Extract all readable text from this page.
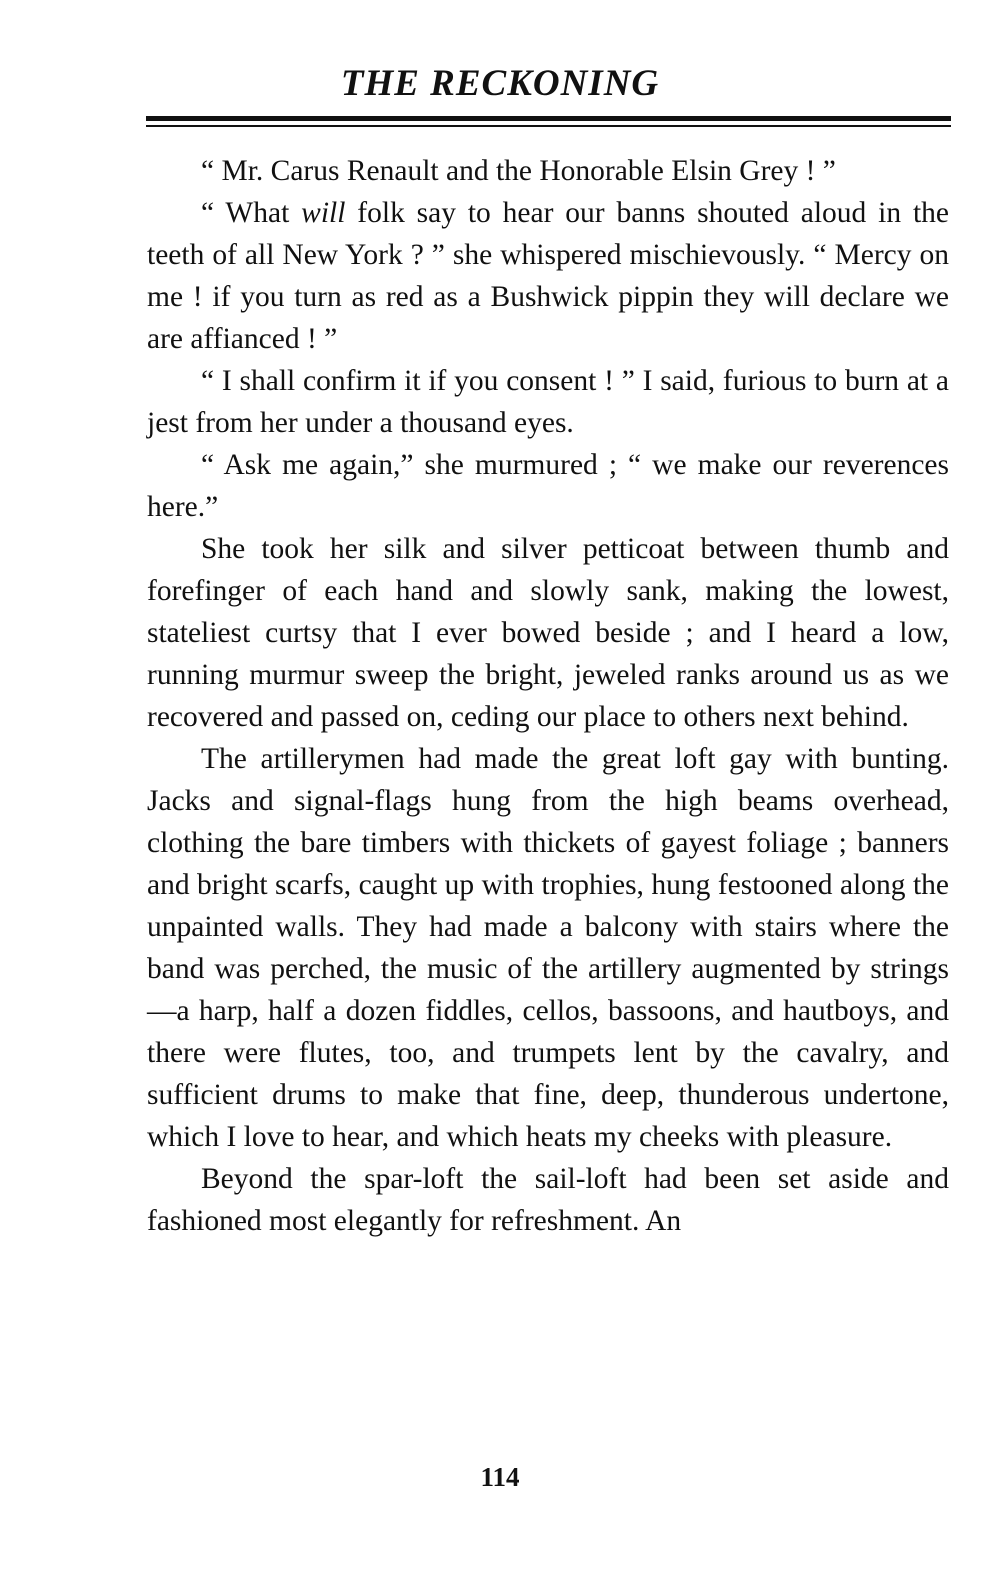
THE RECKONING

“ Mr. Carus Renault and the Honorable Elsin Grey ! ”

“ What will folk say to hear our banns shouted aloud in the teeth of all New York ? ” she whispered mischievously. “ Mercy on me ! if you turn as red as a Bushwick pippin they will declare we are affianced ! ”

“ I shall confirm it if you consent ! ” I said, furious to burn at a jest from her under a thousand eyes.

“ Ask me again,” she murmured ; “ we make our reverences here.”

She took her silk and silver petticoat between thumb and forefinger of each hand and slowly sank, making the lowest, stateliest curtsy that I ever bowed beside ; and I heard a low, running murmur sweep the bright, jeweled ranks around us as we recovered and passed on, ceding our place to others next behind.

The artillerymen had made the great loft gay with bunting. Jacks and signal-flags hung from the high beams overhead, clothing the bare timbers with thickets of gayest foliage ; banners and bright scarfs, caught up with trophies, hung festooned along the unpainted walls. They had made a balcony with stairs where the band was perched, the music of the artillery augmented by strings—a harp, half a dozen fiddles, cellos, bassoons, and hautboys, and there were flutes, too, and trumpets lent by the cavalry, and sufficient drums to make that fine, deep, thunderous undertone, which I love to hear, and which heats my cheeks with pleasure.

Beyond the spar-loft the sail-loft had been set aside and fashioned most elegantly for refreshment. An

114
